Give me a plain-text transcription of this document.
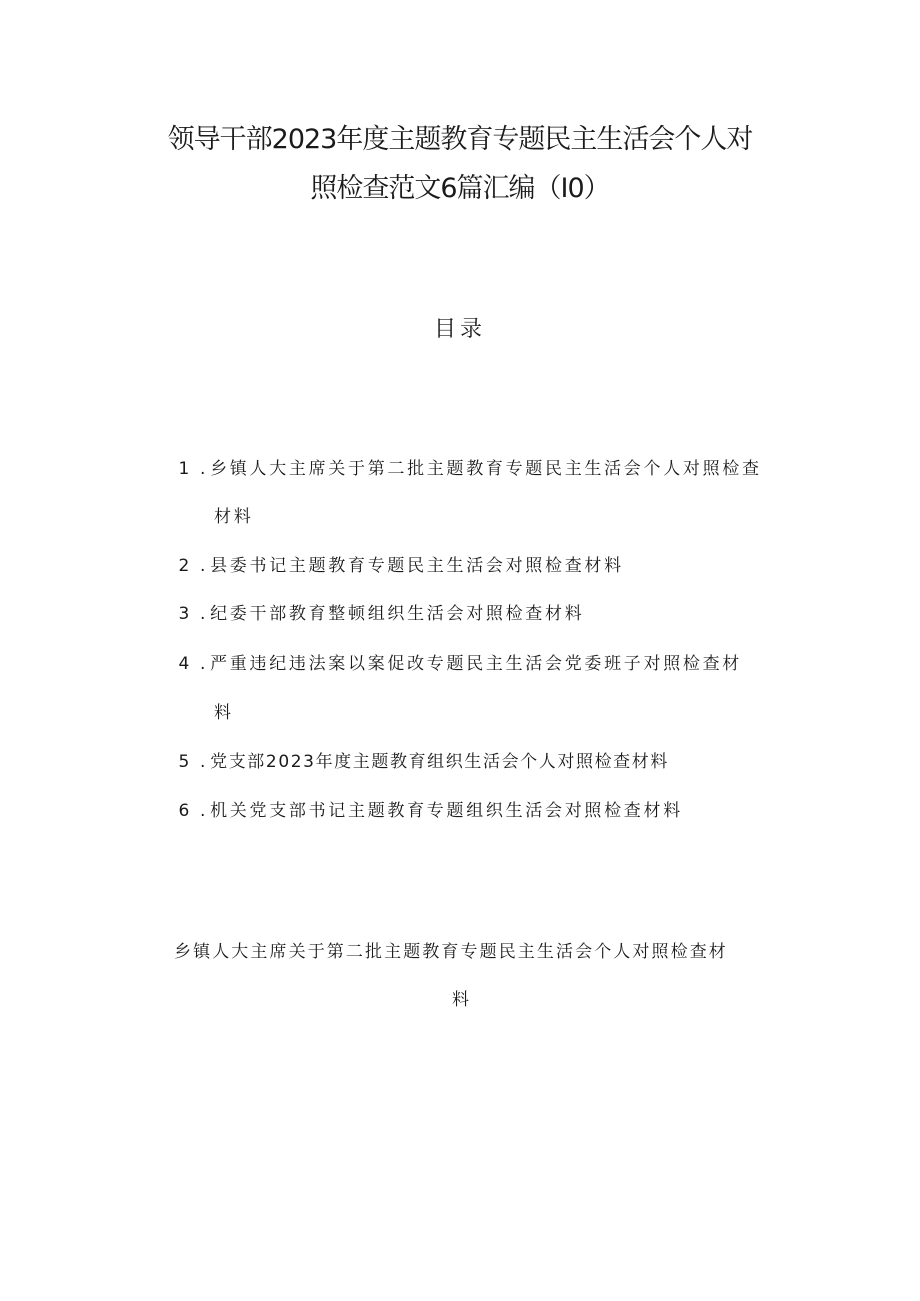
领导干部2023年度主题教育专题民主生活会个人对
照检查范文6篇汇编（I0）
目录
1 . 乡镇人大主席关于第二批主题教育专题民主生活会个人对照检查
材料
2 . 县委书记主题教育专题民主生活会对照检查材料
3 . 纪委干部教育整顿组织生活会对照检查材料
4 . 严重违纪违法案以案促改专题民主生活会党委班子对照检查材
料
5 . 党支部2023年度主题教育组织生活会个人对照检查材料
6 . 机关党支部书记主题教育专题组织生活会对照检查材料
乡镇人大主席关于第二批主题教育专题民主生活会个人对照检查材
料
